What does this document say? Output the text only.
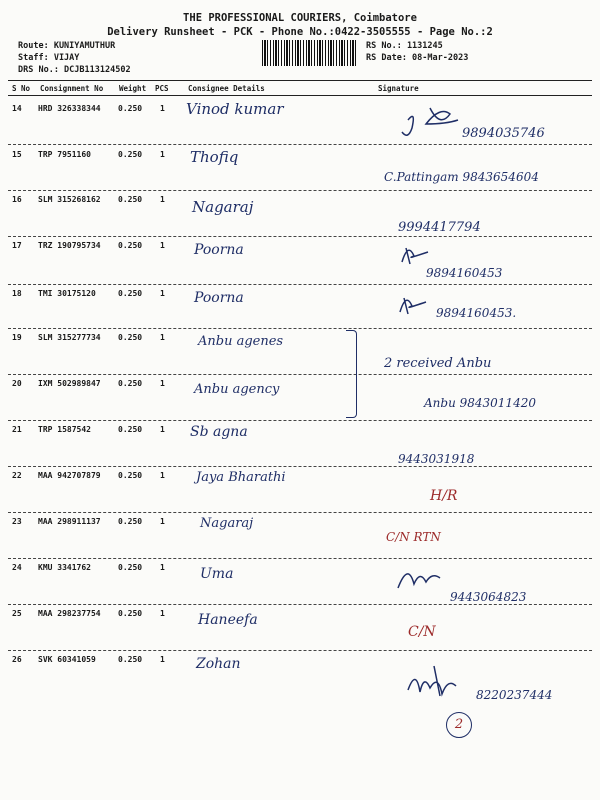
THE PROFESSIONAL COURIERS, Coimbatore
Delivery Runsheet - PCK - Phone No.:0422-3505555 - Page No.:2
Route: KUNIYAMUTHUR
Staff: VIJAY
DRS No.: DCJB113124502
RS No.: 1131245
RS Date: 08-Mar-2023
S No Consignment No Weight PCS	Consignee Details	Signature
14 HRD 326338344 0.250 1 Vinod kumar
9894035746
15 TRP 7951160	0.250 1 Thofiq
C.Pattingam 9843654604
16 SLM 315268162 0.250 1 Nagaraj
9994417794
17 TRZ 190795734 0.250 1 Poorna
9894160453
18 TMI 30175120	0.250 1 Poorna
9894160453.
19 SLM 315277734 0.250 1	Anbu agenes
2 received Anbu
20 IXM 502989847 0.250 1 Anbu agency
Anbu 9843011420
21 TRP 1587542	0.250 1 Sb agna
9443031918
22 MAA 942707879 0.250 1 Jaya Bharathi
H/R
23 MAA 298911137 0.250 1	Nagaraj
C/N RTN
24 KMU 3341762	0.250 1	Uma
9443064823
25 MAA 298237754 0.250 1 Haneefa
C/N
26 SVK 60341059	0.250 1 Zohan
8220237444
2
